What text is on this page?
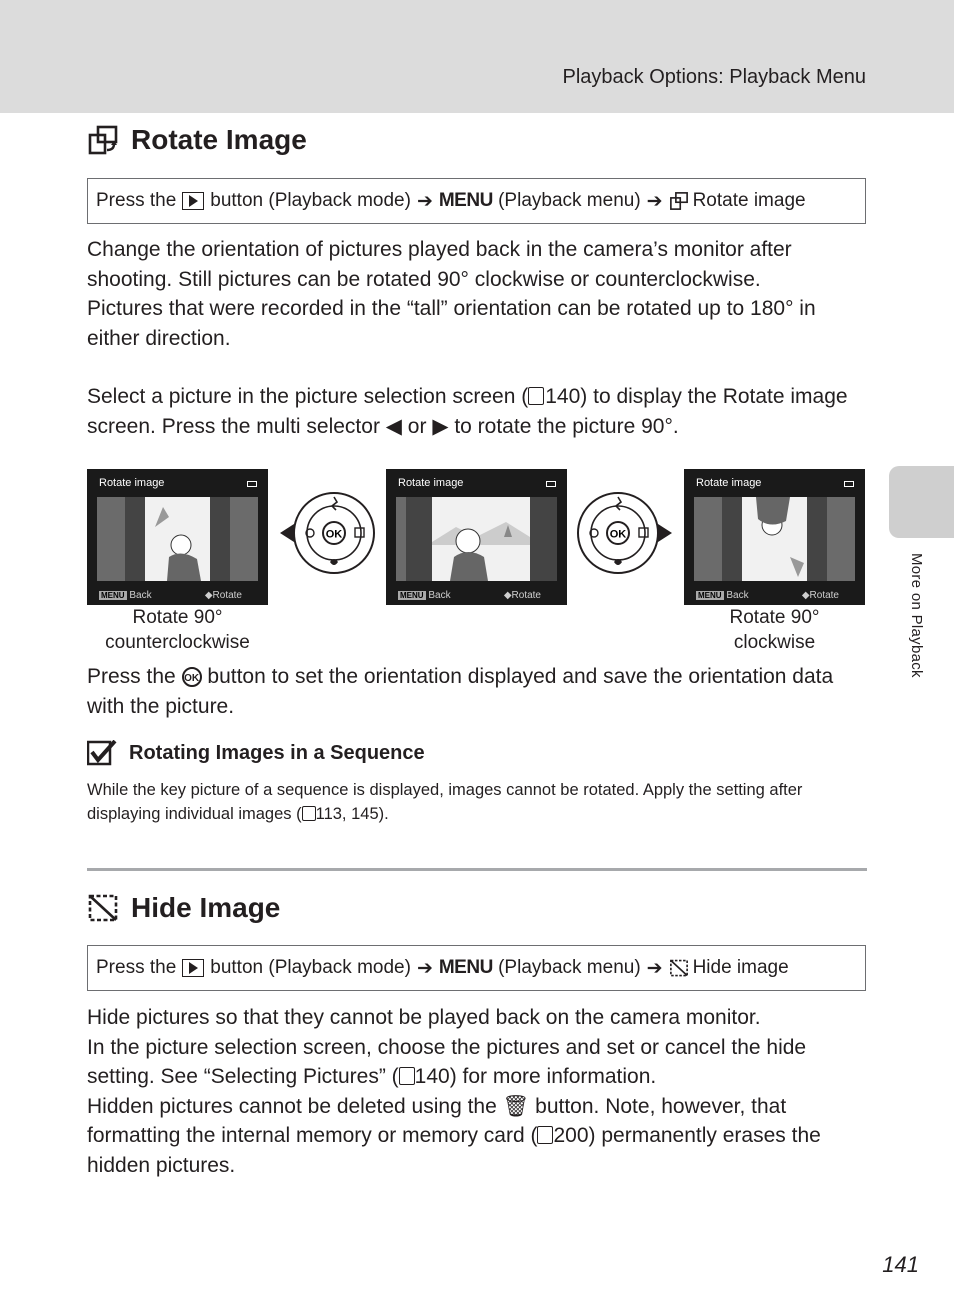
Playback Options: Playback Menu
More on Playback
Rotate Image
Press the button (Playback mode) ➔ MENU
(Playback menu) ➔ Rotate image

Change the orientation of pictures played back in the camera’s monitor after

shooting. Still pictures can be rotated 90° clockwise or counterclockwise.

Pictures that were recorded in the “tall” orientation can be rotated up to 180° in

either direction.

Select a picture in the picture selection screen ( 140) to display the Rotate image

screen. Press the multi selector ◀ or ▶ to rotate the picture 90°.

Rotate image
MENU Back	◆Rotate
OK
Rotate image
MENU Back	◆Rotate
OK
Rotate image
MENU Back	◆Rotate
Rotate 90°
counterclockwise
Rotate 90°
clockwise

Press the OK button to set the orientation displayed and save the orientation data

with the picture.

Rotating Images in a Sequence
While the key picture of a sequence is displayed, images cannot be rotated. Apply the setting after
displaying individual images ( 113, 145).
Hide Image
Press the button (Playback mode) ➔ MENU
(Playback menu) ➔ Hide image

Hide pictures so that they cannot be played back on the camera monitor.

In the picture selection screen, choose the pictures and set or cancel the hide

setting. See “Selecting Pictures” ( 140) for more information.

Hidden pictures cannot be deleted using the 🗑 button. Note, however, that

formatting the internal memory or memory card ( 200) permanently erases the

hidden pictures.

141
